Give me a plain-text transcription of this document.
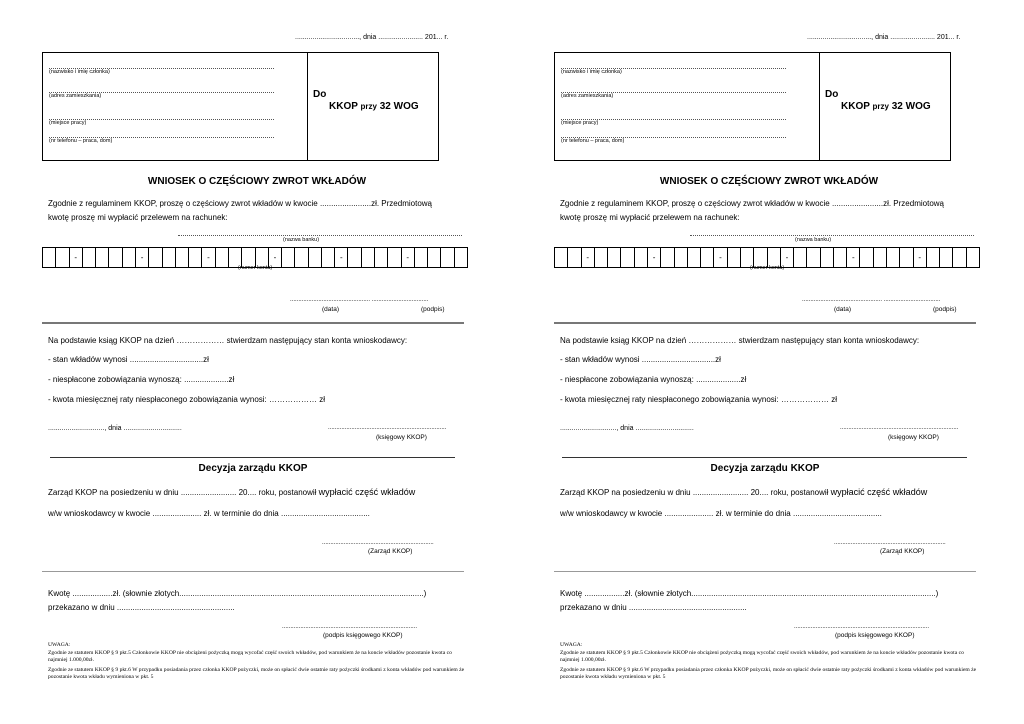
................................., dnia ....................... 201... r.
(nazwisko i imię członka)
(adres zamieszkania)
(miejsce pracy)
(nr telefonu – praca, dom)
Do
KKOP przy 32 WOG
WNIOSEK O CZĘŚCIOWY ZWROT WKŁADÓW
Zgodnie z regulaminem KKOP, proszę o częściowy zwrot wkładów w kwocie .......................zł. Przedmiotową
kwotę proszę mi wypłacić przelewem na rachunek:
(nazwa banku)
-	-	-	-	-	-
(numer konta)
................................................ ..................................
(data)	(podpis)
Na podstawie ksiąg KKOP na dzień ……………… stwierdzam następujący stan konta wnioskodawcy:
- stan wkładów wynosi .................................zł
- niespłacone zobowiązania wynoszą: ....................zł
- kwota miesięcznej raty niespłaconego zobowiązania wynosi: ……………… zł
............................., dnia ..............................	.......................................................................
(księgowy KKOP)
Decyzja zarządu KKOP
Zarząd KKOP na posiedzeniu w dniu ......................... 20.... roku, postanowił wypłacić część wkładów
w/w wnioskodawcy w kwocie ...................... zł. w terminie do dnia ........................................
...................................................................
(Zarząd KKOP)
Kwotę ..................zł. (słownie złotych..............................................................................................................)
przekazano w dniu .....................................................
.................................................................................
(podpis księgowego KKOP)
UWAGA:
Zgodnie ze statutem KKOP § 9 pkt.5 Członkowie KKOP nie obciążeni pożyczką mogą wycofać część swoich wkładów, pod warunkiem że na koncie wkładów pozostanie kwota co najmniej 1.000,00zł.
Zgodnie ze statutem KKOP § 9 pkt.6 W przypadku posiadania przez członka KKOP pożyczki, może on spłacić dwie ostatnie raty pożyczki środkami z konta wkładów pod warunkiem że pozostanie kwota wkładu wymieniona w pkt. 5
................................., dnia ....................... 201... r.
(nazwisko i imię członka)
(adres zamieszkania)
(miejsce pracy)
(nr telefonu – praca, dom)
Do
KKOP przy 32 WOG
WNIOSEK O CZĘŚCIOWY ZWROT WKŁADÓW
Zgodnie z regulaminem KKOP, proszę o częściowy zwrot wkładów w kwocie .......................zł. Przedmiotową
kwotę proszę mi wypłacić przelewem na rachunek:
(nazwa banku)
-	-	-	-	-	-
(numer konta)
................................................ ..................................
(data)	(podpis)
Na podstawie ksiąg KKOP na dzień ……………… stwierdzam następujący stan konta wnioskodawcy:
- stan wkładów wynosi .................................zł
- niespłacone zobowiązania wynoszą: ....................zł
- kwota miesięcznej raty niespłaconego zobowiązania wynosi: ……………… zł
............................., dnia ..............................	.......................................................................
(księgowy KKOP)
Decyzja zarządu KKOP
Zarząd KKOP na posiedzeniu w dniu ......................... 20.... roku, postanowił wypłacić część wkładów
w/w wnioskodawcy w kwocie ...................... zł. w terminie do dnia ........................................
...................................................................
(Zarząd KKOP)
Kwotę ..................zł. (słownie złotych..............................................................................................................)
przekazano w dniu .....................................................
.................................................................................
(podpis księgowego KKOP)
UWAGA:
Zgodnie ze statutem KKOP § 9 pkt.5 Członkowie KKOP nie obciążeni pożyczką mogą wycofać część swoich wkładów, pod warunkiem że na koncie wkładów pozostanie kwota co najmniej 1.000,00zł.
Zgodnie ze statutem KKOP § 9 pkt.6 W przypadku posiadania przez członka KKOP pożyczki, może on spłacić dwie ostatnie raty pożyczki środkami z konta wkładów pod warunkiem że pozostanie kwota wkładu wymieniona w pkt. 5
